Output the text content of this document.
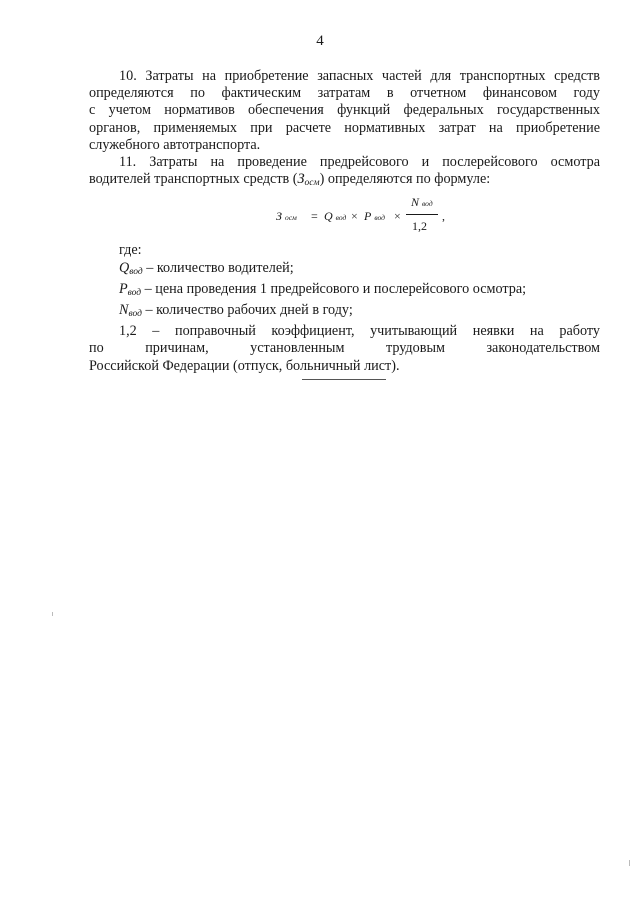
4
10. Затраты на приобретение запасных частей для транспортных средств
определяются по фактическим затратам в отчетном финансовом году
с учетом нормативов обеспечения функций федеральных государственных
органов, применяемых при расчете нормативных затрат на приобретение
служебного автотранспорта.
11. Затраты на проведение предрейсового и послерейсового осмотра
водителей транспортных средств (Зосм) определяются по формуле:
Зосм = Qвод × Pвод ×
Nвод
1,2
,

где:

Qвод – количество водителей;

Pвод – цена проведения 1 предрейсового и послерейсового осмотра;

Nвод – количество рабочих дней в году;

1,2 – поправочный коэффициент, учитывающий неявки на работу
по причинам, установленным трудовым законодательством
Российской Федерации (отпуск, больничный лист).
